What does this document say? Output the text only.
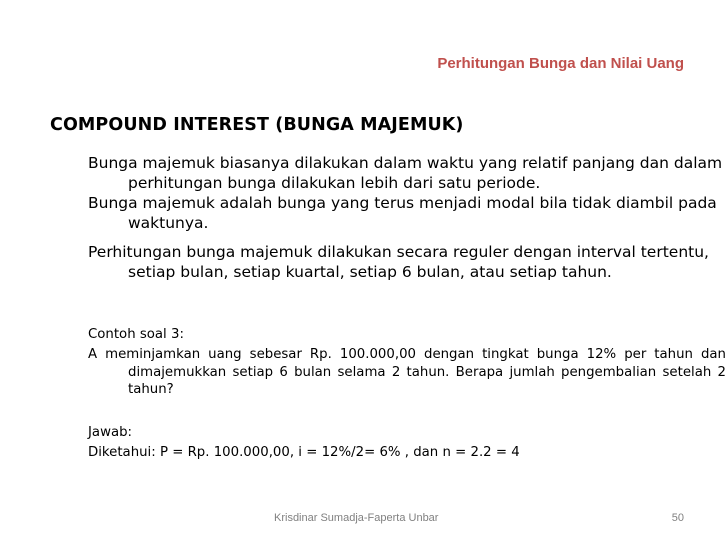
Perhitungan Bunga dan Nilai Uang
COMPOUND INTEREST (BUNGA MAJEMUK)
Bunga majemuk biasanya dilakukan dalam waktu yang relatif panjang dan dalam perhitungan bunga dilakukan lebih dari satu periode.
Bunga majemuk adalah bunga yang terus menjadi modal bila tidak diambil pada waktunya.
Perhitungan bunga majemuk dilakukan secara reguler dengan interval tertentu, setiap bulan, setiap kuartal, setiap 6 bulan, atau setiap tahun.
Contoh soal 3:
A meminjamkan uang sebesar Rp. 100.000,00 dengan tingkat bunga 12% per tahun dan dimajemukkan setiap 6 bulan selama 2 tahun. Berapa jumlah pengembalian setelah 2 tahun?
Jawab:
Diketahui: P = Rp. 100.000,00, i = 12%/2= 6% , dan n = 2.2 = 4
Krisdinar Sumadja-Faperta Unbar	50
